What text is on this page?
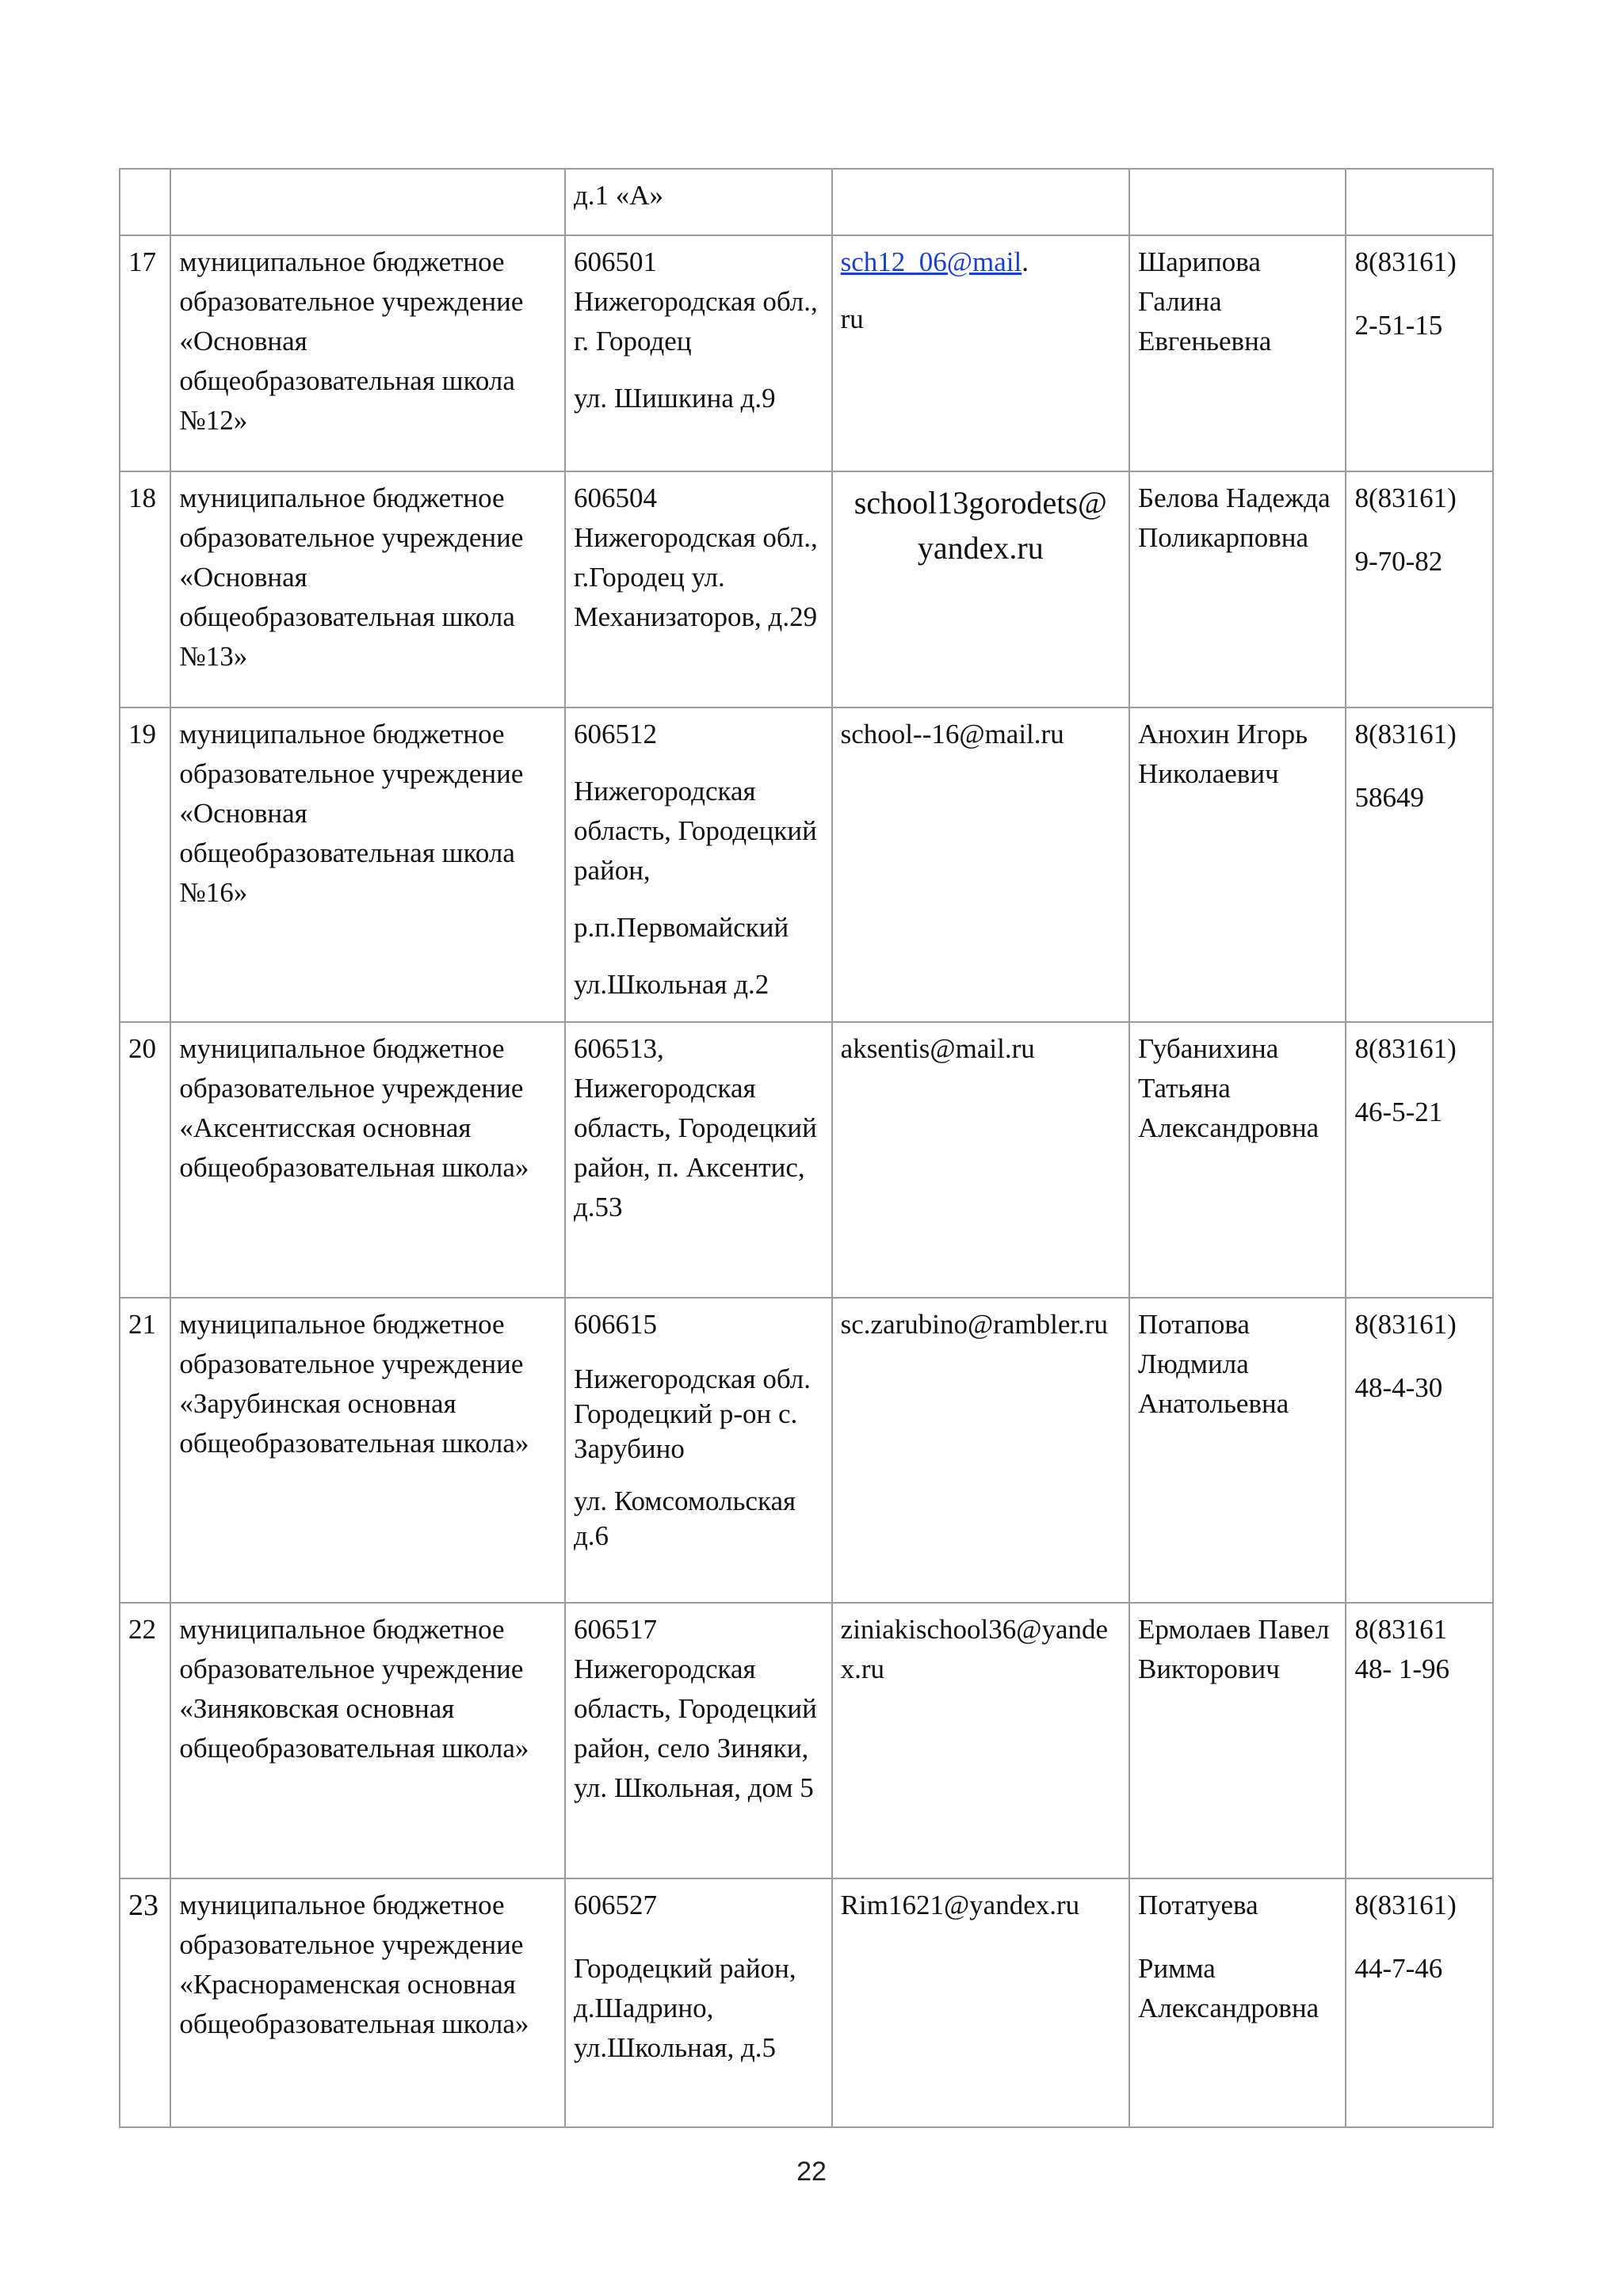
		д.1 «А»			

17	муниципальное бюджетное образовательное учреждение «Основная общеобразовательная школа №12»	606501 Нижегородская обл., г. Городец
ул. Шишкина д.9	sch12_06@mail.
ru	Шарипова Галина Евгеньевна	8(83161)
2-51-15

18	муниципальное бюджетное образовательное учреждение «Основная общеобразовательная школа №13»	606504 Нижегородская обл., г.Городец ул. Механизаторов, д.29	school13gorodets@
yandex.ru	Белова Надежда Поликарповна	8(83161)
9-70-82

19	муниципальное бюджетное образовательное учреждение «Основная общеобразовательная школа №16»	606512
Нижегородская область, Городецкий район,
р.п.Первомайский
ул.Школьная д.2	school--16@mail.ru	Анохин Игорь Николаевич	8(83161)
58649

20	муниципальное бюджетное образовательное учреждение «Аксентисская основная общеобразовательная школа»	606513, Нижегородская область, Городецкий район, п. Аксентис, д.53	aksentis@mail.ru	Губанихина Татьяна Александровна	8(83161)
46-5-21

21	муниципальное бюджетное образовательное учреждение «Зарубинская основная общеобразовательная школа»	606615
Нижегородская обл. Городецкий р-он с. Зарубино
ул. Комсомольская д.6	sc.zarubino@rambler.ru	Потапова Людмила Анатольевна	8(83161)
48-4-30

22	муниципальное бюджетное образовательное учреждение «Зиняковская основная общеобразовательная школа»	606517 Нижегородская область, Городецкий район, село Зиняки, ул. Школьная, дом 5	ziniakischool36@yandex.ru	Ермолаев Павел Викторович	8(83161
48- 1-96

23	муниципальное бюджетное образовательное учреждение «Краснораменская основная общеобразовательная школа»	606527
Городецкий район, д.Шадрино, ул.Школьная, д.5	Rim1621@yandex.ru	Потатуева
Римма Александровна	8(83161)
44-7-46
22
